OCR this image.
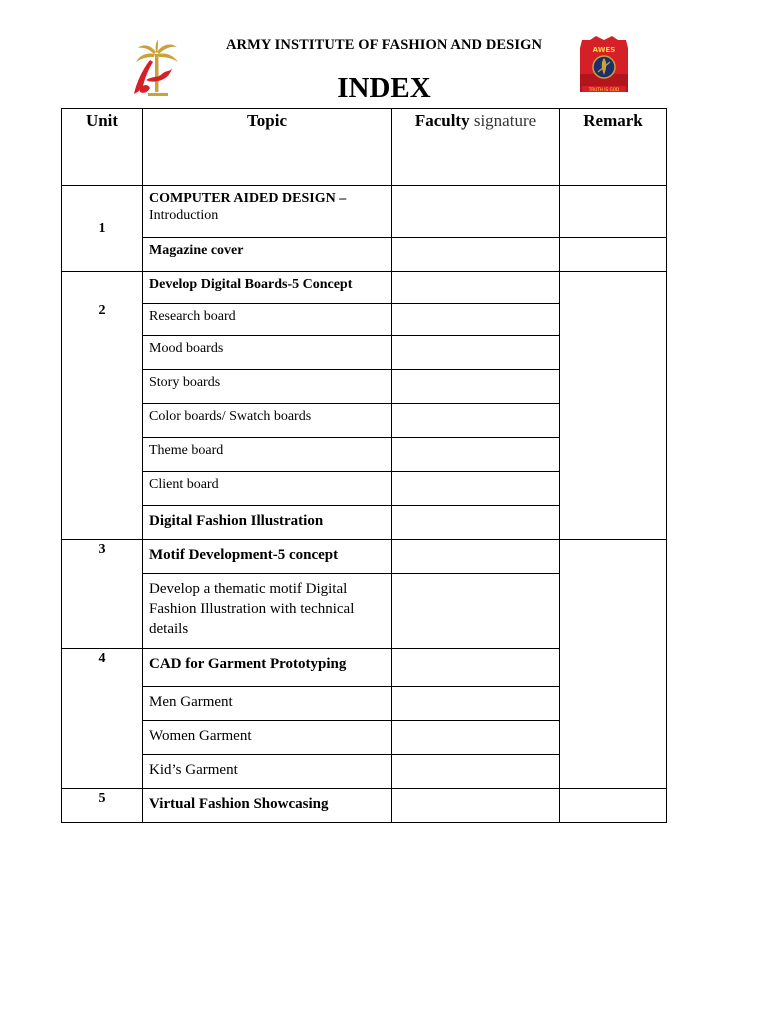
ARMY INSTITUTE OF FASHION AND DESIGN
INDEX
AWES
TRUTH IS GOD
Unit	Topic	Faculty signature	Remark
1	COMPUTER AIDED DESIGN –
Introduction		
	Magazine cover		
2	Develop Digital Boards-5 Concept		
	Research board		
	Mood boards		
	Story boards		
	Color boards/ Swatch boards		
	Theme board		
	Client board		
	Digital Fashion Illustration		
3	Motif Development-5 concept		
	Develop a thematic motif Digital Fashion Illustration with technical details		
4	CAD for Garment Prototyping		
	Men Garment		
	Women Garment		
	Kid’s Garment		
5	Virtual Fashion Showcasing		
